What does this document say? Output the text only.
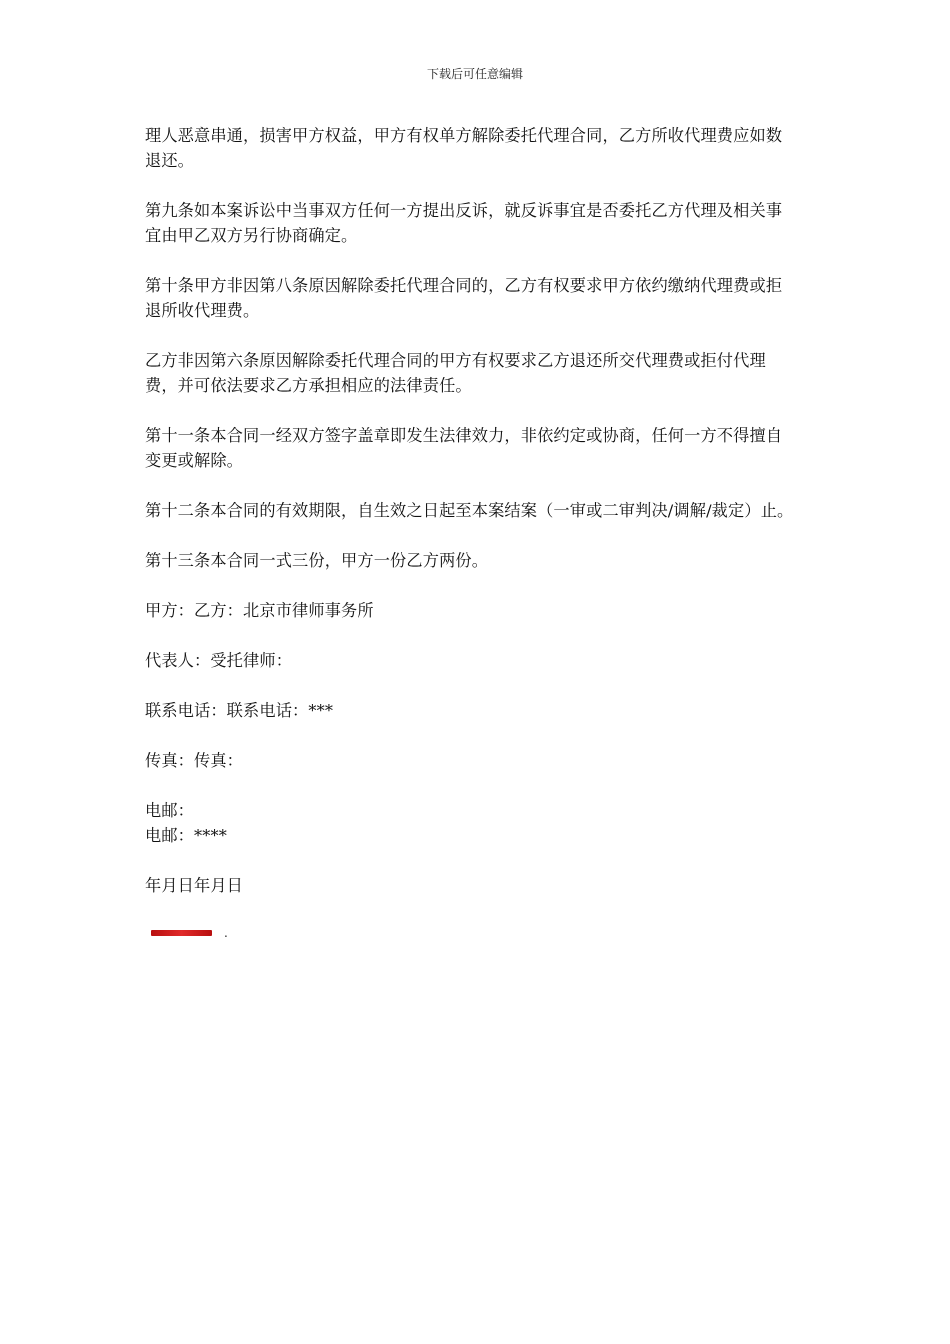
下载后可任意编辑

理人恶意串通，损害甲方权益，甲方有权单方解除委托代理合同，乙方所收代理费应如数退还。

第九条如本案诉讼中当事双方任何一方提出反诉，就反诉事宜是否委托乙方代理及相关事宜由甲乙双方另行协商确定。

第十条甲方非因第八条原因解除委托代理合同的，乙方有权要求甲方依约缴纳代理费或拒退所收代理费。

乙方非因第六条原因解除委托代理合同的甲方有权要求乙方退还所交代理费或拒付代理费，并可依法要求乙方承担相应的法律责任。

第十一条本合同一经双方签字盖章即发生法律效力，非依约定或协商，任何一方不得擅自变更或解除。

第十二条本合同的有效期限，自生效之日起至本案结案（一审或二审判决/调解/裁定）止。

第十三条本合同一式三份，甲方一份乙方两份。

甲方：乙方：北京市律师事务所

代表人：受托律师：

联系电话：联系电话：***

传真：传真：

电邮：

电邮：****

年月日年月日

.
